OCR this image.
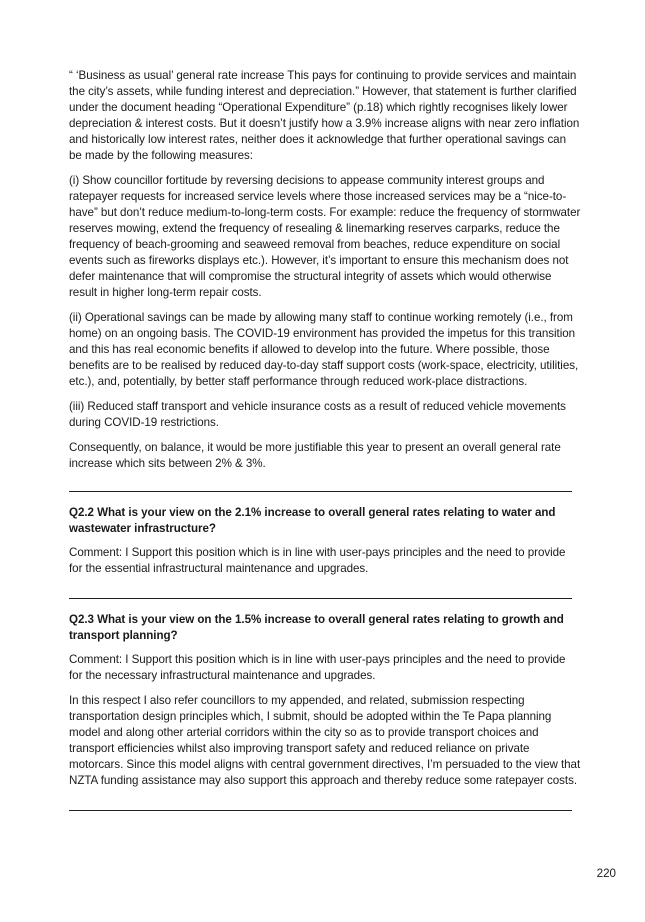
“ ‘Business as usual’ general rate increase This pays for continuing to provide services and maintain the city’s assets, while funding interest and depreciation.” However, that statement is further clarified under the document heading “Operational Expenditure” (p.18) which rightly recognises likely lower depreciation & interest costs. But it doesn’t justify how a 3.9% increase aligns with near zero inflation and historically low interest rates, neither does it acknowledge that further operational savings can be made by the following measures:

(i) Show councillor fortitude by reversing decisions to appease community interest groups and ratepayer requests for increased service levels where those increased services may be a “nice-to-have” but don’t reduce medium-to-long-term costs. For example: reduce the frequency of stormwater reserves mowing, extend the frequency of resealing & linemarking reserves carparks, reduce the frequency of beach-grooming and seaweed removal from beaches, reduce expenditure on social events such as fireworks displays etc.). However, it’s important to ensure this mechanism does not defer maintenance that will compromise the structural integrity of assets which would otherwise result in higher long-term repair costs.

(ii) Operational savings can be made by allowing many staff to continue working remotely (i.e., from home) on an ongoing basis. The COVID-19 environment has provided the impetus for this transition and this has real economic benefits if allowed to develop into the future. Where possible, those benefits are to be realised by reduced day-to-day staff support costs (work-space, electricity, utilities, etc.), and, potentially, by better staff performance through reduced work-place distractions.

(iii) Reduced staff transport and vehicle insurance costs as a result of reduced vehicle movements during COVID-19 restrictions.

Consequently, on balance, it would be more justifiable this year to present an overall general rate increase which sits between 2% & 3%.

Q2.2 What is your view on the 2.1% increase to overall general rates relating to water and wastewater infrastructure?

Comment: I Support this position which is in line with user-pays principles and the need to provide for the essential infrastructural maintenance and upgrades.

Q2.3 What is your view on the 1.5% increase to overall general rates relating to growth and transport planning?

Comment: I Support this position which is in line with user-pays principles and the need to provide for the necessary infrastructural maintenance and upgrades.

In this respect I also refer councillors to my appended, and related, submission respecting transportation design principles which, I submit, should be adopted within the Te Papa planning model and along other arterial corridors within the city so as to provide transport choices and transport efficiencies whilst also improving transport safety and reduced reliance on private motorcars. Since this model aligns with central government directives, I’m persuaded to the view that NZTA funding assistance may also support this approach and thereby reduce some ratepayer costs.

220
